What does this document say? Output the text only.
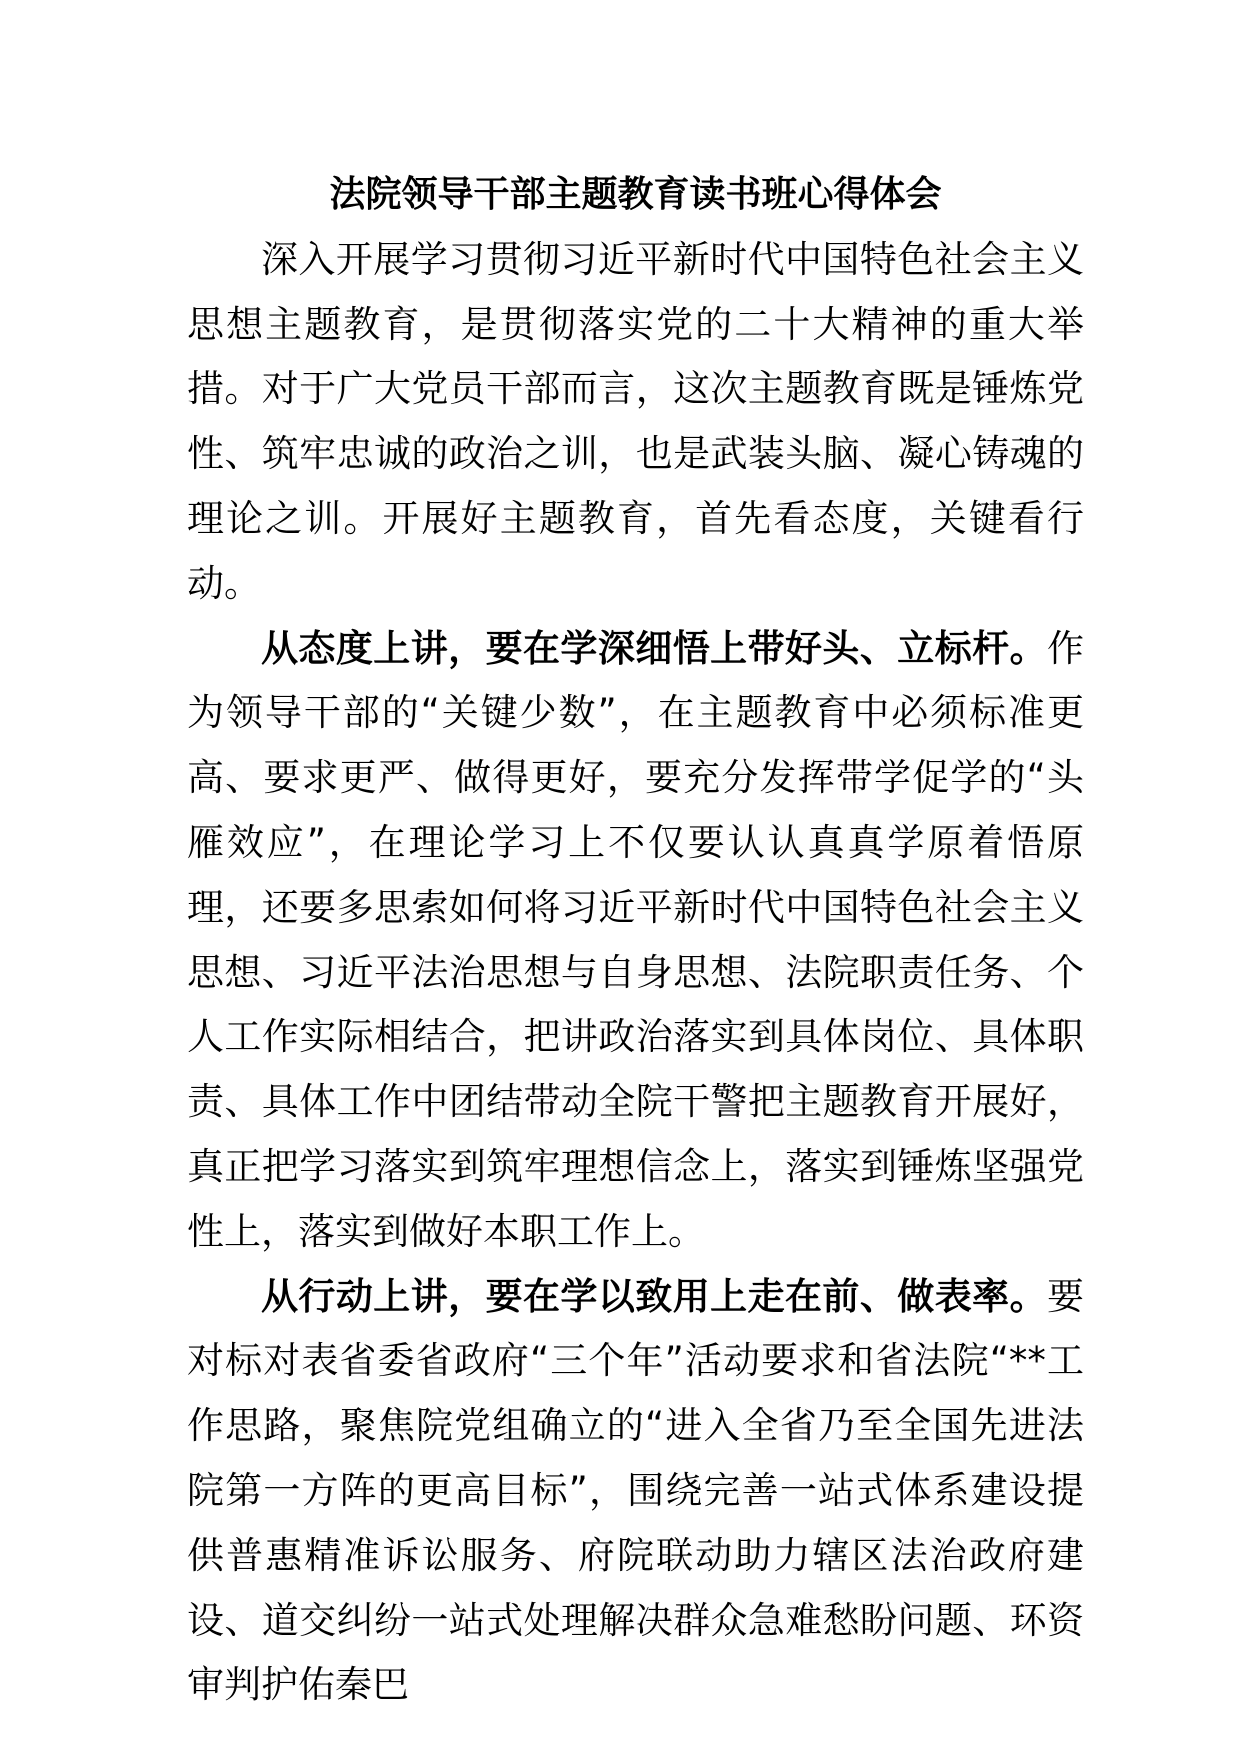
法院领导干部主题教育读书班心得体会

深入开展学习贯彻习近平新时代中国特色社会主义思想主题教育，是贯彻落实党的二十大精神的重大举措。对于广大党员干部而言，这次主题教育既是锤炼党性、筑牢忠诚的政治之训，也是武装头脑、凝心铸魂的理论之训。开展好主题教育，首先看态度，关键看行动。

从态度上讲，要在学深细悟上带好头、立标杆。作为领导干部的“关键少数”，在主题教育中必须标准更高、要求更严、做得更好，要充分发挥带学促学的“头雁效应”，在理论学习上不仅要认认真真学原着悟原理，还要多思索如何将习近平新时代中国特色社会主义思想、习近平法治思想与自身思想、法院职责任务、个人工作实际相结合，把讲政治落实到具体岗位、具体职责、具体工作中团结带动全院干警把主题教育开展好，真正把学习落实到筑牢理想信念上，落实到锤炼坚强党性上，落实到做好本职工作上。

从行动上讲，要在学以致用上走在前、做表率。要对标对表省委省政府“三个年”活动要求和省法院“**工作思路，聚焦院党组确立的“进入全省乃至全国先进法院第一方阵的更高目标”，围绕完善一站式体系建设提供普惠精准诉讼服务、府院联动助力辖区法治政府建设、道交纠纷一站式处理解决群众急难愁盼问题、环资审判护佑秦巴
